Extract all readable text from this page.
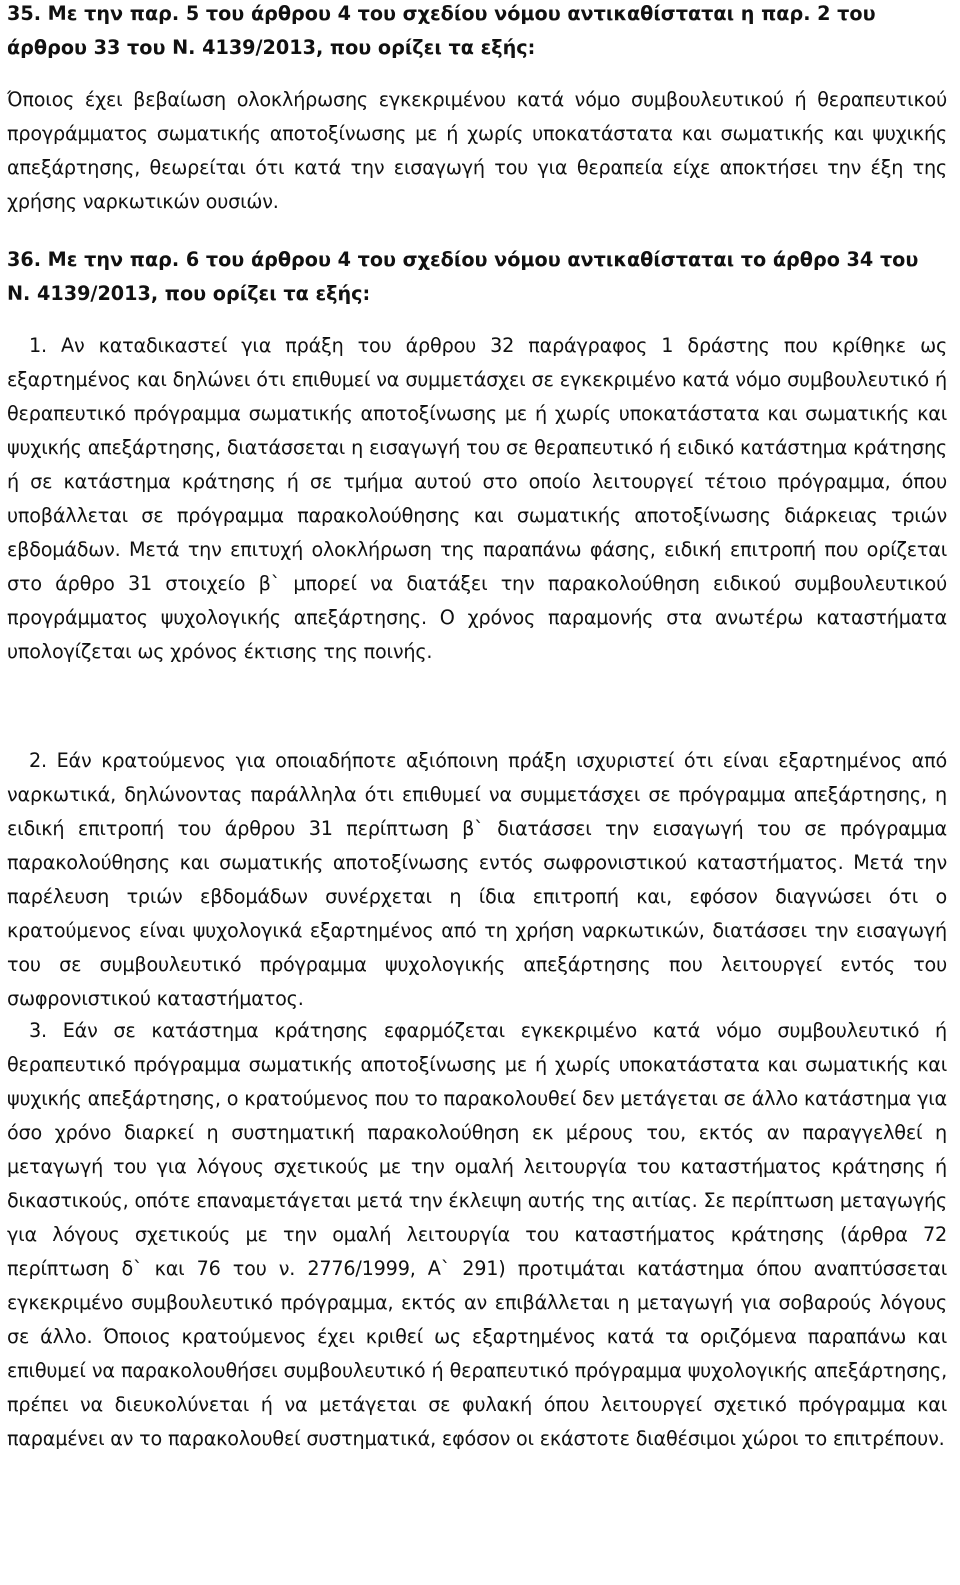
35. Με την παρ. 5 του άρθρου 4 του σχεδίου νόμου αντικαθίσταται η παρ. 2 του άρθρου 33 του Ν. 4139/2013, που ορίζει τα εξής:

Όποιος έχει βεβαίωση ολοκλήρωσης εγκεκριμένου κατά νόμο συμβουλευτικού ή θεραπευτικού προγράμματος σωματικής αποτοξίνωσης με ή χωρίς υποκατάστατα και σωματικής και ψυχικής απεξάρτησης, θεωρείται ότι κατά την εισαγωγή του για θεραπεία είχε αποκτήσει την έξη της χρήσης ναρκωτικών ουσιών.

36. Με την παρ. 6 του άρθρου 4 του σχεδίου νόμου αντικαθίσταται το άρθρο 34 του Ν. 4139/2013, που ορίζει τα εξής:

1. Αν καταδικαστεί για πράξη του άρθρου 32 παράγραφος 1 δράστης που κρίθηκε ως εξαρτημένος και δηλώνει ότι επιθυμεί να συμμετάσχει σε εγκεκριμένο κατά νόμο συμβουλευτικό ή θεραπευτικό πρόγραμμα σωματικής αποτοξίνωσης με ή χωρίς υποκατάστατα και σωματικής και ψυχικής απεξάρτησης, διατάσσεται η εισαγωγή του σε θεραπευτικό ή ειδικό κατάστημα κράτησης ή σε κατάστημα κράτησης ή σε τμήμα αυτού στο οποίο λειτουργεί τέτοιο πρόγραμμα, όπου υποβάλλεται σε πρόγραμμα παρακολούθησης και σωματικής αποτοξίνωσης διάρκειας τριών εβδομάδων. Μετά την επιτυχή ολοκλήρωση της παραπάνω φάσης, ειδική επιτροπή που ορίζεται στο άρθρο 31 στοιχείο β` μπορεί να διατάξει την παρακολούθηση ειδικού συμβουλευτικού προγράμματος ψυχολογικής απεξάρτησης. Ο χρόνος παραμονής στα ανωτέρω καταστήματα υπολογίζεται ως χρόνος έκτισης της ποινής.

2. Εάν κρατούμενος για οποιαδήποτε αξιόποινη πράξη ισχυριστεί ότι είναι εξαρτημένος από ναρκωτικά, δηλώνοντας παράλληλα ότι επιθυμεί να συμμετάσχει σε πρόγραμμα απεξάρτησης, η ειδική επιτροπή του άρθρου 31 περίπτωση β` διατάσσει την εισαγωγή του σε πρόγραμμα παρακολούθησης και σωματικής αποτοξίνωσης εντός σωφρονιστικού καταστήματος. Μετά την παρέλευση τριών εβδομάδων συνέρχεται η ίδια επιτροπή και, εφόσον διαγνώσει ότι ο κρατούμενος είναι ψυχολογικά εξαρτημένος από τη χρήση ναρκωτικών, διατάσσει την εισαγωγή του σε συμβουλευτικό πρόγραμμα ψυχολογικής απεξάρτησης που λειτουργεί εντός του σωφρονιστικού καταστήματος.

3. Εάν σε κατάστημα κράτησης εφαρμόζεται εγκεκριμένο κατά νόμο συμβουλευτικό ή θεραπευτικό πρόγραμμα σωματικής αποτοξίνωσης με ή χωρίς υποκατάστατα και σωματικής και ψυχικής απεξάρτησης, ο κρατούμενος που το παρακολουθεί δεν μετάγεται σε άλλο κατάστημα για όσο χρόνο διαρκεί η συστηματική παρακολούθηση εκ μέρους του, εκτός αν παραγγελθεί η μεταγωγή του για λόγους σχετικούς με την ομαλή λειτουργία του καταστήματος κράτησης ή δικαστικούς, οπότε επαναμετάγεται μετά την έκλειψη αυτής της αιτίας. Σε περίπτωση μεταγωγής για λόγους σχετικούς με την ομαλή λειτουργία του καταστήματος κράτησης (άρθρα 72 περίπτωση δ` και 76 του ν. 2776/1999, Α` 291) προτιμάται κατάστημα όπου αναπτύσσεται εγκεκριμένο συμβουλευτικό πρόγραμμα, εκτός αν επιβάλλεται η μεταγωγή για σοβαρούς λόγους σε άλλο. Όποιος κρατούμενος έχει κριθεί ως εξαρτημένος κατά τα οριζόμενα παραπάνω και επιθυμεί να παρακολουθήσει συμβουλευτικό ή θεραπευτικό πρόγραμμα ψυχολογικής απεξάρτησης, πρέπει να διευκολύνεται ή να μετάγεται σε φυλακή όπου λειτουργεί σχετικό πρόγραμμα και παραμένει αν το παρακολουθεί συστηματικά, εφόσον οι εκάστοτε διαθέσιμοι χώροι το επιτρέπουν.
